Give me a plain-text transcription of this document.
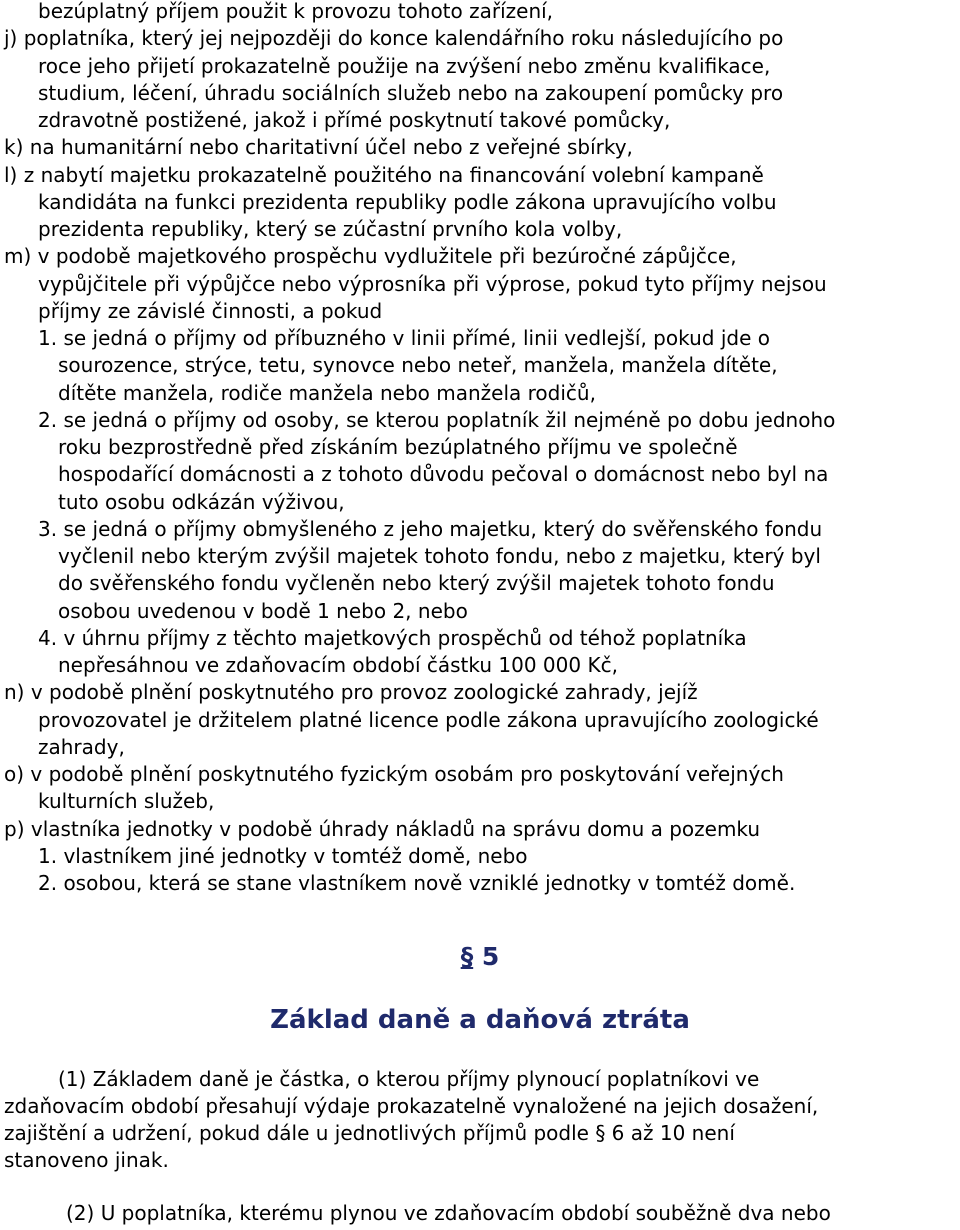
bezúplatný příjem použit k provozu tohoto zařízení,

j) poplatníka, který jej nejpozději do konce kalendářního roku následujícího po

roce jeho přijetí prokazatelně použije na zvýšení nebo změnu kvalifikace,

studium, léčení, úhradu sociálních služeb nebo na zakoupení pomůcky pro

zdravotně postižené, jakož i přímé poskytnutí takové pomůcky,

k) na humanitární nebo charitativní účel nebo z veřejné sbírky,

l) z nabytí majetku prokazatelně použitého na financování volební kampaně

kandidáta na funkci prezidenta republiky podle zákona upravujícího volbu

prezidenta republiky, který se zúčastní prvního kola volby,

m) v podobě majetkového prospěchu vydlužitele při bezúročné zápůjčce,

vypůjčitele při výpůjčce nebo výprosníka při výprose, pokud tyto příjmy nejsou

příjmy ze závislé činnosti, a pokud

1. se jedná o příjmy od příbuzného v linii přímé, linii vedlejší, pokud jde o

sourozence, strýce, tetu, synovce nebo neteř, manžela, manžela dítěte,

dítěte manžela, rodiče manžela nebo manžela rodičů,

2. se jedná o příjmy od osoby, se kterou poplatník žil nejméně po dobu jednoho

roku bezprostředně před získáním bezúplatného příjmu ve společně

hospodařící domácnosti a z tohoto důvodu pečoval o domácnost nebo byl na

tuto osobu odkázán výživou,

3. se jedná o příjmy obmyšleného z jeho majetku, který do svěřenského fondu

vyčlenil nebo kterým zvýšil majetek tohoto fondu, nebo z majetku, který byl

do svěřenského fondu vyčleněn nebo který zvýšil majetek tohoto fondu

osobou uvedenou v bodě 1 nebo 2, nebo

4. v úhrnu příjmy z těchto majetkových prospěchů od téhož poplatníka

nepřesáhnou ve zdaňovacím období částku 100 000 Kč,

n) v podobě plnění poskytnutého pro provoz zoologické zahrady, jejíž

provozovatel je držitelem platné licence podle zákona upravujícího zoologické

zahrady,

o) v podobě plnění poskytnutého fyzickým osobám pro poskytování veřejných

kulturních služeb,

p) vlastníka jednotky v podobě úhrady nákladů na správu domu a pozemku

1. vlastníkem jiné jednotky v tomtéž domě, nebo

2. osobou, která se stane vlastníkem nově vzniklé jednotky v tomtéž domě.

§ 5
Základ daně a daňová ztráta

(1) Základem daně je částka, o kterou příjmy plynoucí poplatníkovi ve

zdaňovacím období přesahují výdaje prokazatelně vynaložené na jejich dosažení,

zajištění a udržení, pokud dále u jednotlivých příjmů podle § 6 až 10 není

stanoveno jinak.

(2) U poplatníka, kterému plynou ve zdaňovacím období souběžně dva nebo
